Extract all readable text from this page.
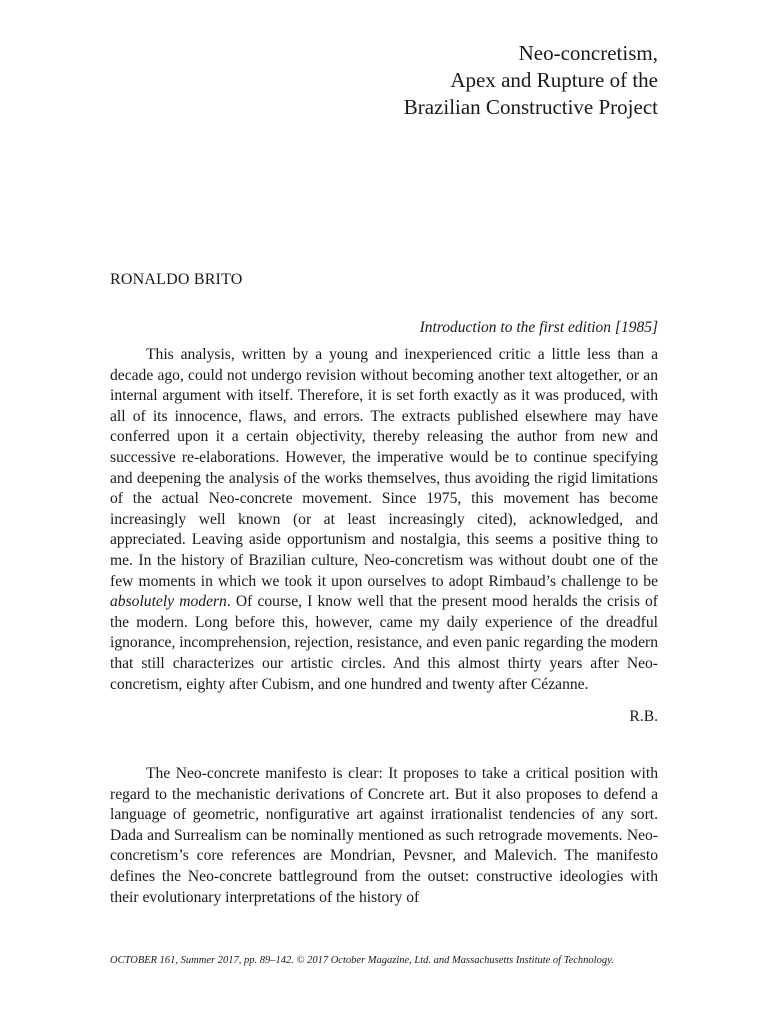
Neo-concretism,
Apex and Rupture of the
Brazilian Constructive Project
RONALDO BRITO
Introduction to the first edition [1985]

This analysis, written by a young and inexperienced critic a little less than a decade ago, could not undergo revision without becoming another text altogether, or an internal argument with itself. Therefore, it is set forth exactly as it was produced, with all of its innocence, flaws, and errors. The extracts published elsewhere may have conferred upon it a certain objectivity, thereby releasing the author from new and successive re-elaborations. However, the imperative would be to continue specifying and deepening the analysis of the works themselves, thus avoiding the rigid limitations of the actual Neo-concrete movement. Since 1975, this movement has become increasingly well known (or at least increasingly cited), acknowledged, and appreciated. Leaving aside opportunism and nostalgia, this seems a positive thing to me. In the history of Brazilian culture, Neo-concretism was without doubt one of the few moments in which we took it upon ourselves to adopt Rimbaud’s challenge to be absolutely modern. Of course, I know well that the present mood heralds the crisis of the modern. Long before this, however, came my daily experience of the dreadful ignorance, incomprehension, rejection, resistance, and even panic regarding the modern that still characterizes our artistic circles. And this almost thirty years after Neo-concretism, eighty after Cubism, and one hundred and twenty after Cézanne.

R.B.

The Neo-concrete manifesto is clear: It proposes to take a critical position with regard to the mechanistic derivations of Concrete art. But it also proposes to defend a language of geometric, nonfigurative art against irrationalist tendencies of any sort. Dada and Surrealism can be nominally mentioned as such retrograde movements. Neo-concretism’s core references are Mondrian, Pevsner, and Malevich. The manifesto defines the Neo-concrete battleground from the outset: constructive ideologies with their evolutionary interpretations of the history of

OCTOBER 161, Summer 2017, pp. 89–142. © 2017 October Magazine, Ltd. and Massachusetts Institute of Technology.
